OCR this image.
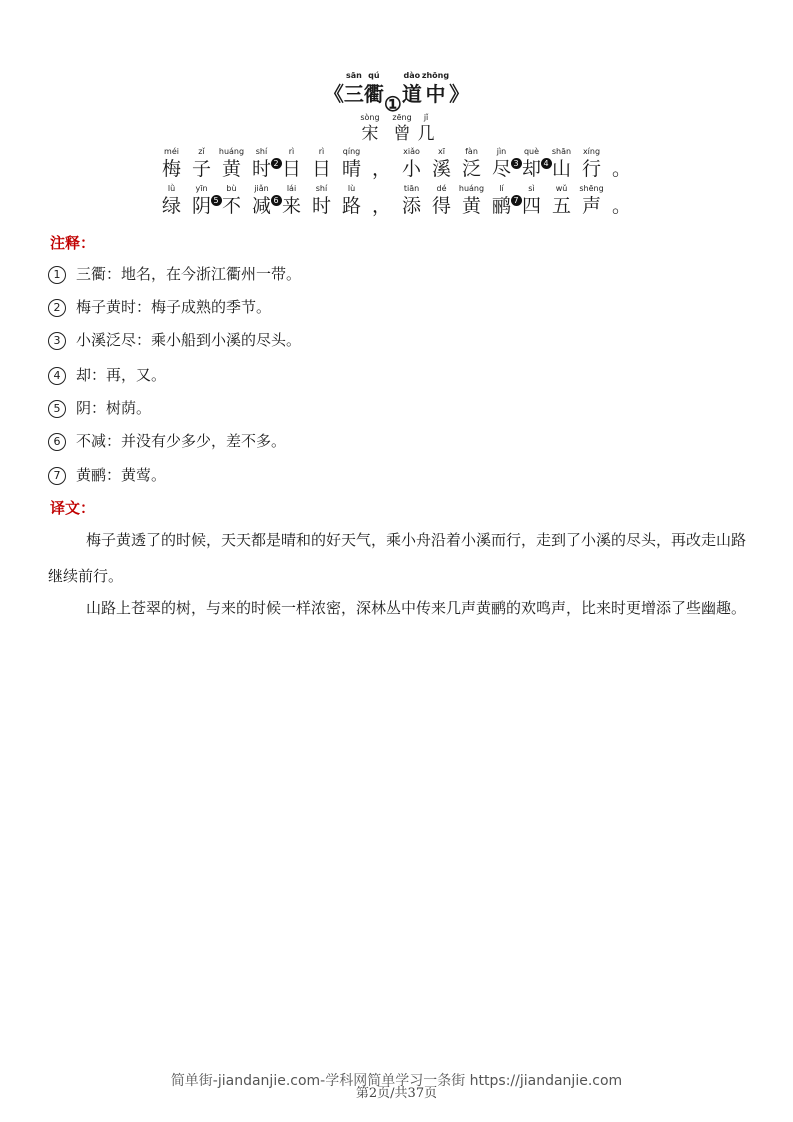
《
sān
三
qú
衢 ①
dào
道
zhōng
中 》
sòng
宋

zēng
曾
jǐ
几
méi
梅
zǐ
子
huáng
黄
shí
时 2
rì
日
rì
日
qíng
晴 ，
xiǎo
小
xī
溪
fàn
泛
jìn
尽 3
què
却 4
shān
山
xíng
行 。
lǜ
绿
yīn
阴 5
bù
不
jiǎn
减 6
lái
来
shí
时
lù
路 ，
tiān
添
dé
得
huáng
黄
lí
鹂 7
sì
四
wǔ
五
shēng
声 。
注释：
1 三衢：地名，在今浙江衢州一带。
2 梅子黄时：梅子成熟的季节。
3 小溪泛尽：乘小船到小溪的尽头。
4 却：再，又。
5 阴：树荫。
6 不减：并没有少多少，差不多。
7 黄鹂：黄莺。
译文：
梅子黄透了的时候，天天都是晴和的好天气，乘小舟沿着小溪而行，走到了小溪的尽头，再改走山路继续前行。
山路上苍翠的树，与来的时候一样浓密，深林丛中传来几声黄鹂的欢鸣声，比来时更增添了些幽趣。
简单街-jiandanjie.com-学科网简单学习一条街 https://jiandanjie.com
第2页/共37页
